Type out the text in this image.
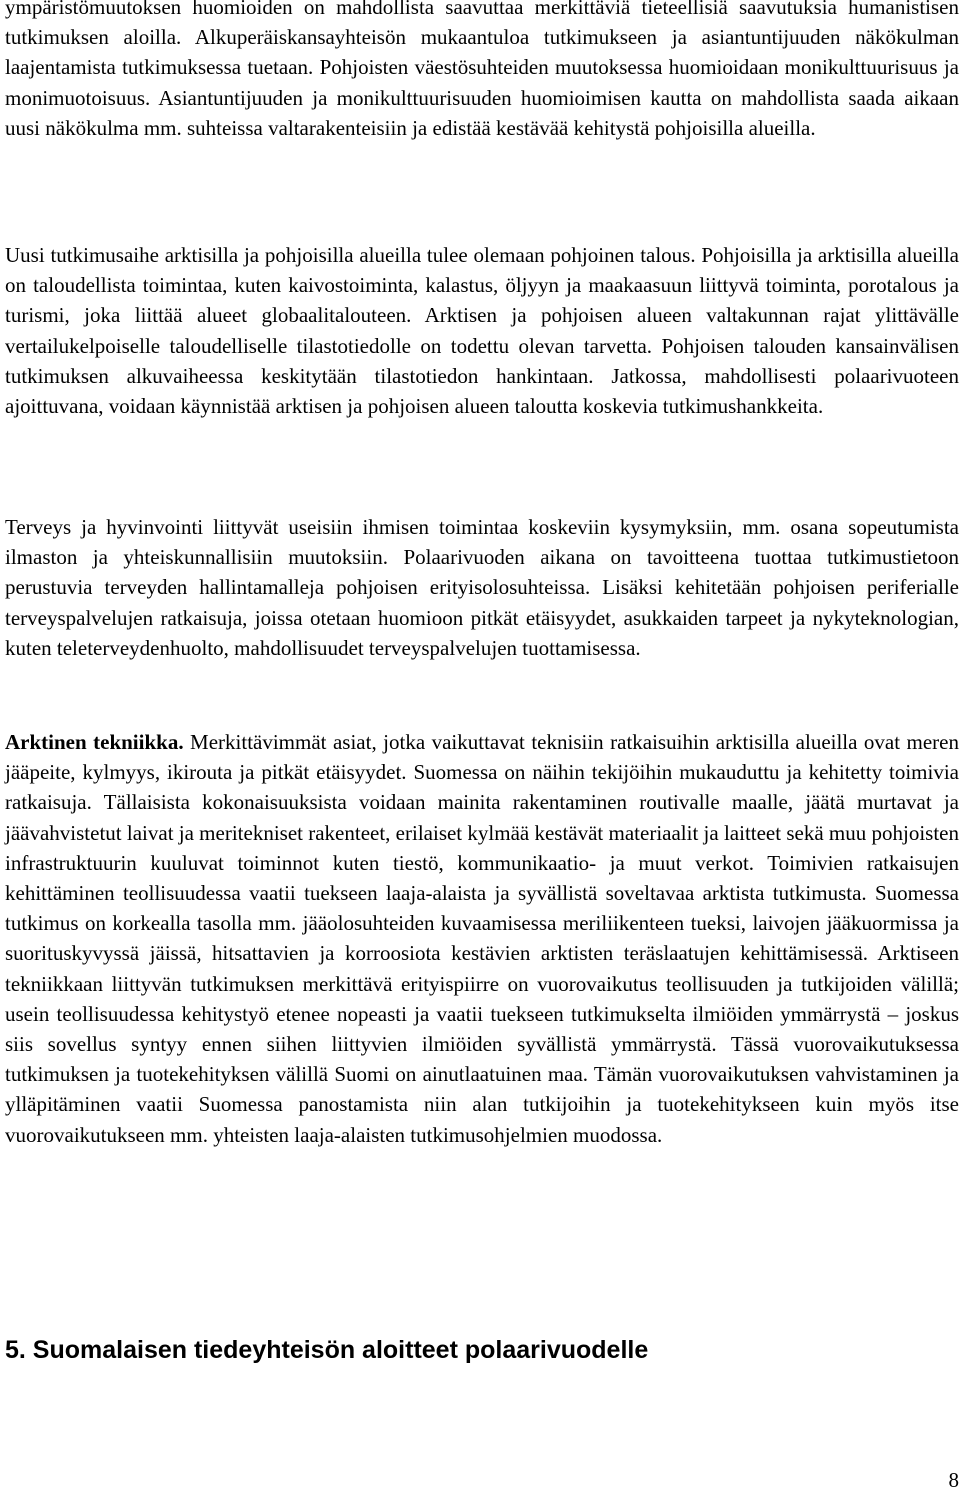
ympäristömuutoksen huomioiden on mahdollista saavuttaa merkittäviä tieteellisiä saavutuksia humanistisen tutkimuksen aloilla. Alkuperäiskansayhteisön mukaantuloa tutkimukseen ja asiantuntijuuden näkökulman laajentamista tutkimuksessa tuetaan. Pohjoisten väestösuhteiden muutoksessa huomioidaan monikulttuurisuus ja monimuotoisuus. Asiantuntijuuden ja monikulttuurisuuden huomioimisen kautta on mahdollista saada aikaan uusi näkökulma mm. suhteissa valtarakenteisiin ja edistää kestävää kehitystä pohjoisilla alueilla.

Uusi tutkimusaihe arktisilla ja pohjoisilla alueilla tulee olemaan pohjoinen talous. Pohjoisilla ja arktisilla alueilla on taloudellista toimintaa, kuten kaivostoiminta, kalastus, öljyyn ja maakaasuun liittyvä toiminta, porotalous ja turismi, joka liittää alueet globaalitalouteen. Arktisen ja pohjoisen alueen valtakunnan rajat ylittävälle vertailukelpoiselle taloudelliselle tilastotiedolle on todettu olevan tarvetta. Pohjoisen talouden kansainvälisen tutkimuksen alkuvaiheessa keskitytään tilastotiedon hankintaan. Jatkossa, mahdollisesti polaarivuoteen ajoittuvana, voidaan käynnistää arktisen ja pohjoisen alueen taloutta koskevia tutkimushankkeita.

Terveys ja hyvinvointi liittyvät useisiin ihmisen toimintaa koskeviin kysymyksiin, mm. osana sopeutumista ilmaston ja yhteiskunnallisiin muutoksiin. Polaarivuoden aikana on tavoitteena tuottaa tutkimustietoon perustuvia terveyden hallintamalleja pohjoisen erityisolosuhteissa. Lisäksi kehitetään pohjoisen periferialle terveyspalvelujen ratkaisuja, joissa otetaan huomioon pitkät etäisyydet, asukkaiden tarpeet ja nykyteknologian, kuten teleterveydenhuolto, mahdollisuudet terveyspalvelujen tuottamisessa.

Arktinen tekniikka. Merkittävimmät asiat, jotka vaikuttavat teknisiin ratkaisuihin arktisilla alueilla ovat meren jääpeite, kylmyys, ikirouta ja pitkät etäisyydet. Suomessa on näihin tekijöihin mukauduttu ja kehitetty toimivia ratkaisuja. Tällaisista kokonaisuuksista voidaan mainita rakentaminen routivalle maalle, jäätä murtavat ja jäävahvistetut laivat ja meritekniset rakenteet, erilaiset kylmää kestävät materiaalit ja laitteet sekä muu pohjoisten infrastruktuurin kuuluvat toiminnot kuten tiestö, kommunikaatio- ja muut verkot. Toimivien ratkaisujen kehittäminen teollisuudessa vaatii tuekseen laaja-alaista ja syvällistä soveltavaa arktista tutkimusta. Suomessa tutkimus on korkealla tasolla mm. jääolosuhteiden kuvaamisessa meriliikenteen tueksi, laivojen jääkuormissa ja suorituskyvyssä jäissä, hitsattavien ja korroosiota kestävien arktisten teräslaatujen kehittämisessä. Arktiseen tekniikkaan liittyvän tutkimuksen merkittävä erityispiirre on vuorovaikutus teollisuuden ja tutkijoiden välillä; usein teollisuudessa kehitystyö etenee nopeasti ja vaatii tuekseen tutkimukselta ilmiöiden ymmärrystä – joskus siis sovellus syntyy ennen siihen liittyvien ilmiöiden syvällistä ymmärrystä. Tässä vuorovaikutuksessa tutkimuksen ja tuotekehityksen välillä Suomi on ainutlaatuinen maa. Tämän vuorovaikutuksen vahvistaminen ja ylläpitäminen vaatii Suomessa panostamista niin alan tutkijoihin ja tuotekehitykseen kuin myös itse vuorovaikutukseen mm. yhteisten laaja-alaisten tutkimusohjelmien muodossa.

5. Suomalaisen tiedeyhteisön aloitteet polaarivuodelle
8
